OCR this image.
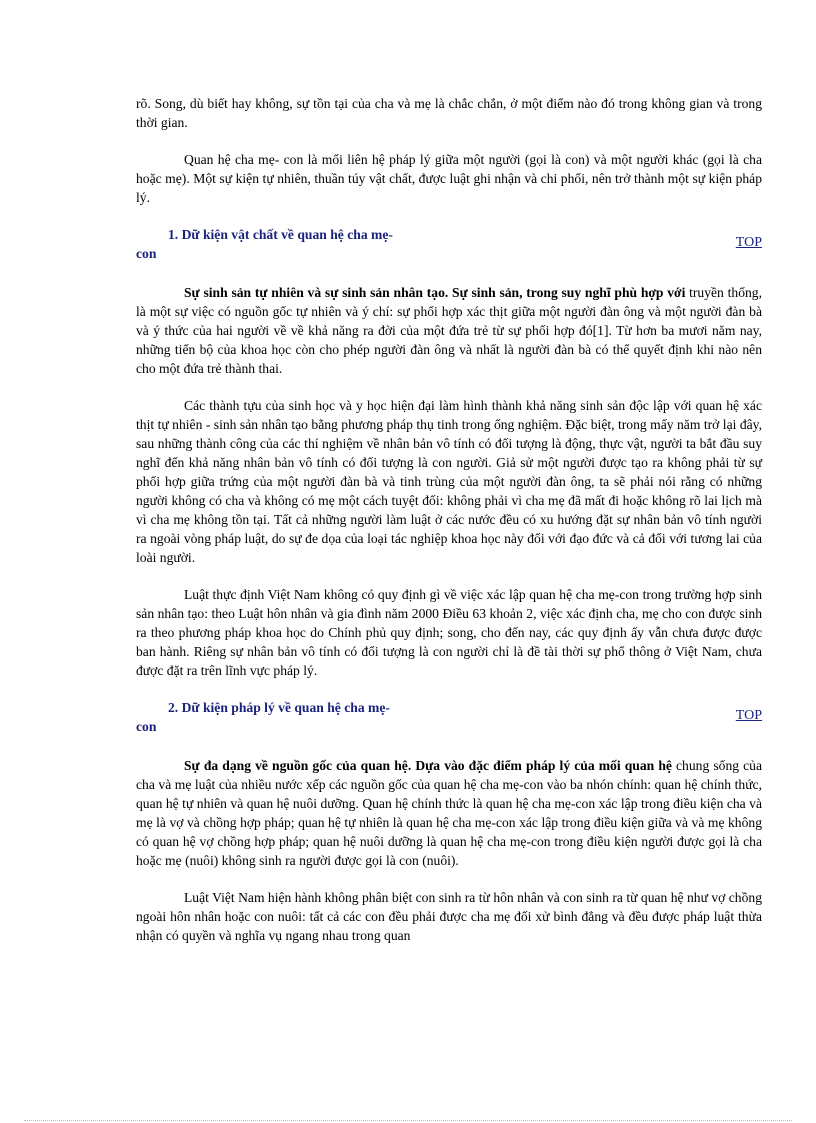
rõ. Song, dù biết hay không, sự tồn tại của cha và mẹ là chắc chắn, ở một điểm nào đó trong không gian và trong thời gian.

Quan hệ cha mẹ- con là mối liên hệ pháp lý giữa một người (gọi là con) và một người khác (gọi là cha hoặc mẹ). Một sự kiện tự nhiên, thuần túy vật chất, được luật ghi nhận và chi phối, nên trở thành một sự kiện pháp lý.

1. Dữ kiện vật chất về quan hệ cha mẹ-
con
TOP

Sự sinh sản tự nhiên và sự sinh sản nhân tạo. Sự sinh sản, trong suy nghĩ phù hợp với truyền thống, là một sự việc có nguồn gốc tự nhiên và ý chí: sự phối hợp xác thịt giữa một người đàn ông và một người đàn bà và ý thức của hai người về về khả năng ra đời của một đứa trẻ từ sự phối hợp đó[1]. Từ hơn ba mươi năm nay, những tiến bộ của khoa học còn cho phép người đàn ông và nhất là người đàn bà có thể quyết định khi nào nên cho một đứa trẻ thành thai.

Các thành tựu của sinh học và y học hiện đại làm hình thành khả năng sinh sản độc lập với quan hệ xác thịt tự nhiên - sinh sản nhân tạo bằng phương pháp thụ tinh trong ống nghiệm. Đặc biệt, trong mấy năm trở lại đây, sau những thành công của các thí nghiệm về nhân bản vô tính có đối tượng là động, thực vật, người ta bắt đầu suy nghĩ đến khả năng nhân bản vô tính có đối tượng là con người. Giả sử một người được tạo ra không phải từ sự phối hợp giữa trứng của một người đàn bà và tinh trùng của một người đàn ông, ta sẽ phải nói rằng có những người không có cha và không có mẹ một cách tuyệt đối: không phải vì cha mẹ đã mất đi hoặc không rõ lai lịch mà vì cha mẹ không tồn tại. Tất cả những người làm luật ở các nước đều có xu hướng đặt sự nhân bản vô tính người ra ngoài vòng pháp luật, do sự đe dọa của loại tác nghiệp khoa học này đối với đạo đức và cả đối với tương lai của loài người.

Luật thực định Việt Nam không có quy định gì về việc xác lập quan hệ cha mẹ-con trong trường hợp sinh sản nhân tạo: theo Luật hôn nhân và gia đình năm 2000 Điều 63 khoản 2, việc xác định cha, mẹ cho con được sinh ra theo phương pháp khoa học do Chính phủ quy định; song, cho đến nay, các quy định ấy vẫn chưa được được ban hành. Riêng sự nhân bản vô tính có đối tượng là con người chỉ là đề tài thời sự phổ thông ở Việt Nam, chưa được đặt ra trên lĩnh vực pháp lý.

2. Dữ kiện pháp lý về quan hệ cha mẹ-
con
TOP

Sự đa dạng về nguồn gốc của quan hệ. Dựa vào đặc điểm pháp lý của mối quan hệ chung sống của cha và mẹ luật của nhiều nước xếp các nguồn gốc của quan hệ cha mẹ-con vào ba nhón chính: quan hệ chính thức, quan hệ tự nhiên và quan hệ nuôi dưỡng. Quan hệ chính thức là quan hệ cha mẹ-con xác lập trong điều kiện cha và mẹ là vợ và chồng hợp pháp; quan hệ tự nhiên là quan hệ cha mẹ-con xác lập trong điều kiện giữa và và mẹ không có quan hệ vợ chồng hợp pháp; quan hệ nuôi dưỡng là quan hệ cha mẹ-con trong điều kiện người được gọi là cha hoặc mẹ (nuôi) không sinh ra người được gọi là con (nuôi).

Luật Việt Nam hiện hành không phân biệt con sinh ra từ hôn nhân và con sinh ra từ quan hệ như vợ chồng ngoài hôn nhân hoặc con nuôi: tất cả các con đều phải được cha mẹ đối xử bình đẳng và đều được pháp luật thừa nhận có quyền và nghĩa vụ ngang nhau trong quan
